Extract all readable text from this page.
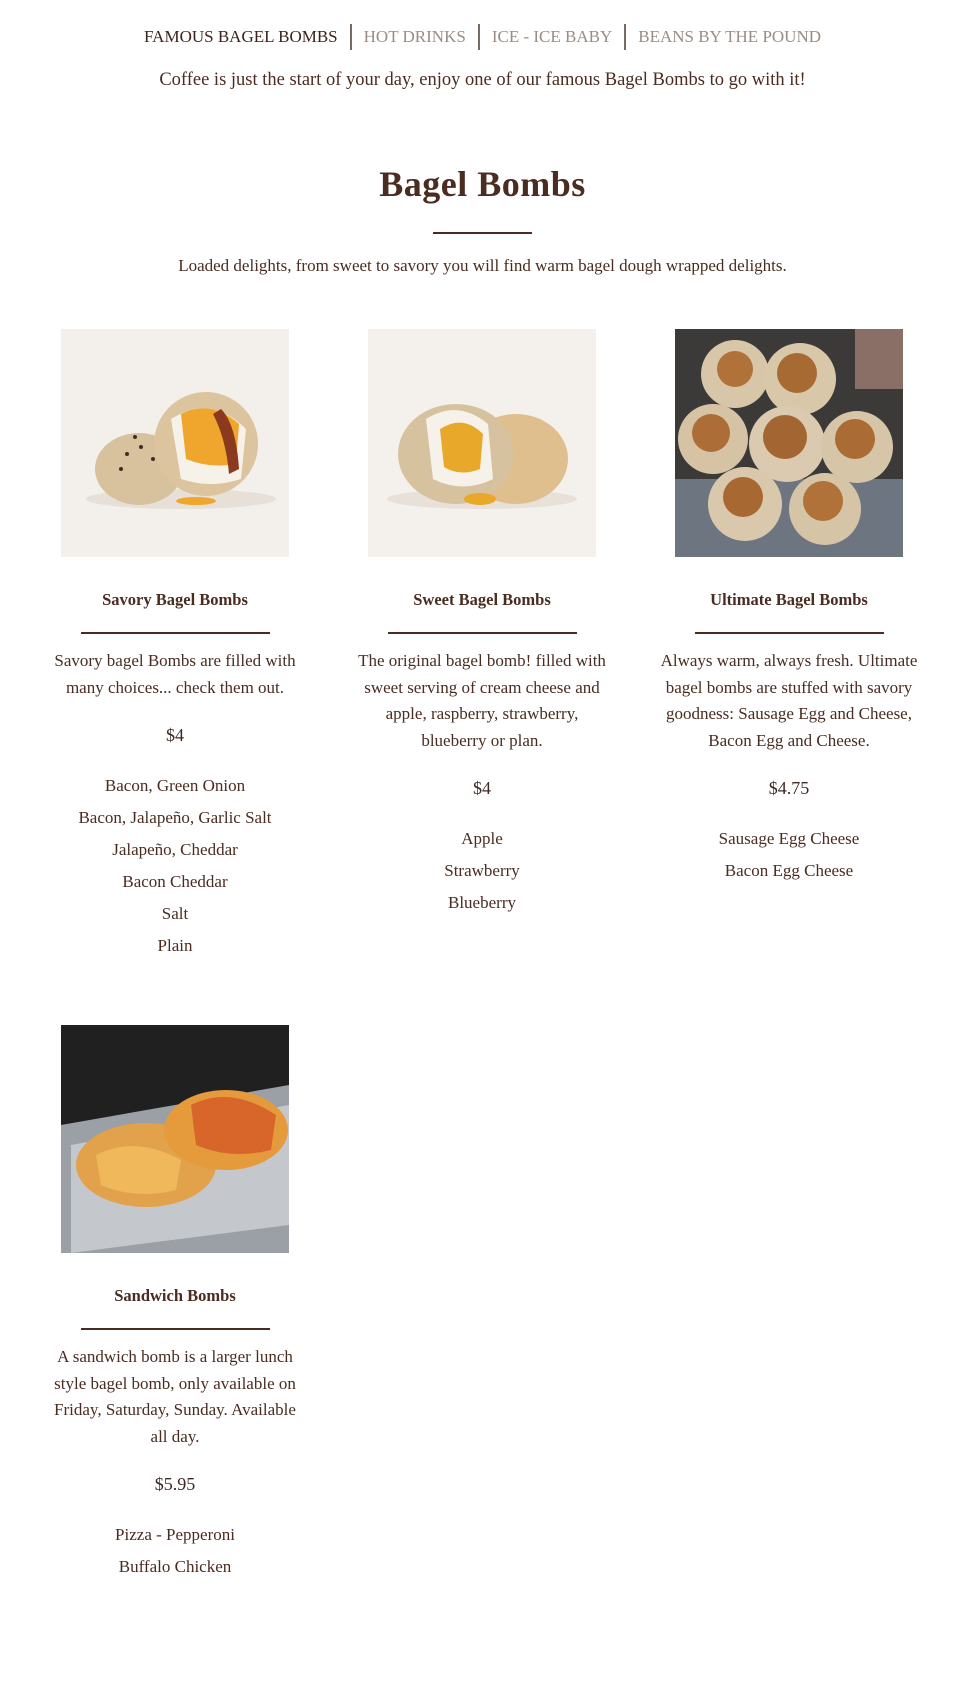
FAMOUS BAGEL BOMBS	HOT DRINKS	ICE - ICE BABY	BEANS BY THE POUND
Coffee is just the start of your day, enjoy one of our famous Bagel Bombs to go with it!
Bagel Bombs
Loaded delights, from sweet to savory you will find warm bagel dough wrapped delights.
Savory Bagel Bombs
Savory bagel Bombs are filled with many choices... check them out.
$4
Bacon, Green Onion
Bacon, Jalapeño, Garlic Salt
Jalapeño, Cheddar
Bacon Cheddar
Salt
Plain
Sweet Bagel Bombs
The original bagel bomb! filled with sweet serving of cream cheese and apple, raspberry, strawberry, blueberry or plan.
$4
Apple
Strawberry
Blueberry
Ultimate Bagel Bombs
Always warm, always fresh. Ultimate bagel bombs are stuffed with savory goodness: Sausage Egg and Cheese, Bacon Egg and Cheese.
$4.75
Sausage Egg Cheese
Bacon Egg Cheese
Sandwich Bombs
A sandwich bomb is a larger lunch style bagel bomb, only available on Friday, Saturday, Sunday. Available all day.
$5.95
Pizza - Pepperoni
Buffalo Chicken
